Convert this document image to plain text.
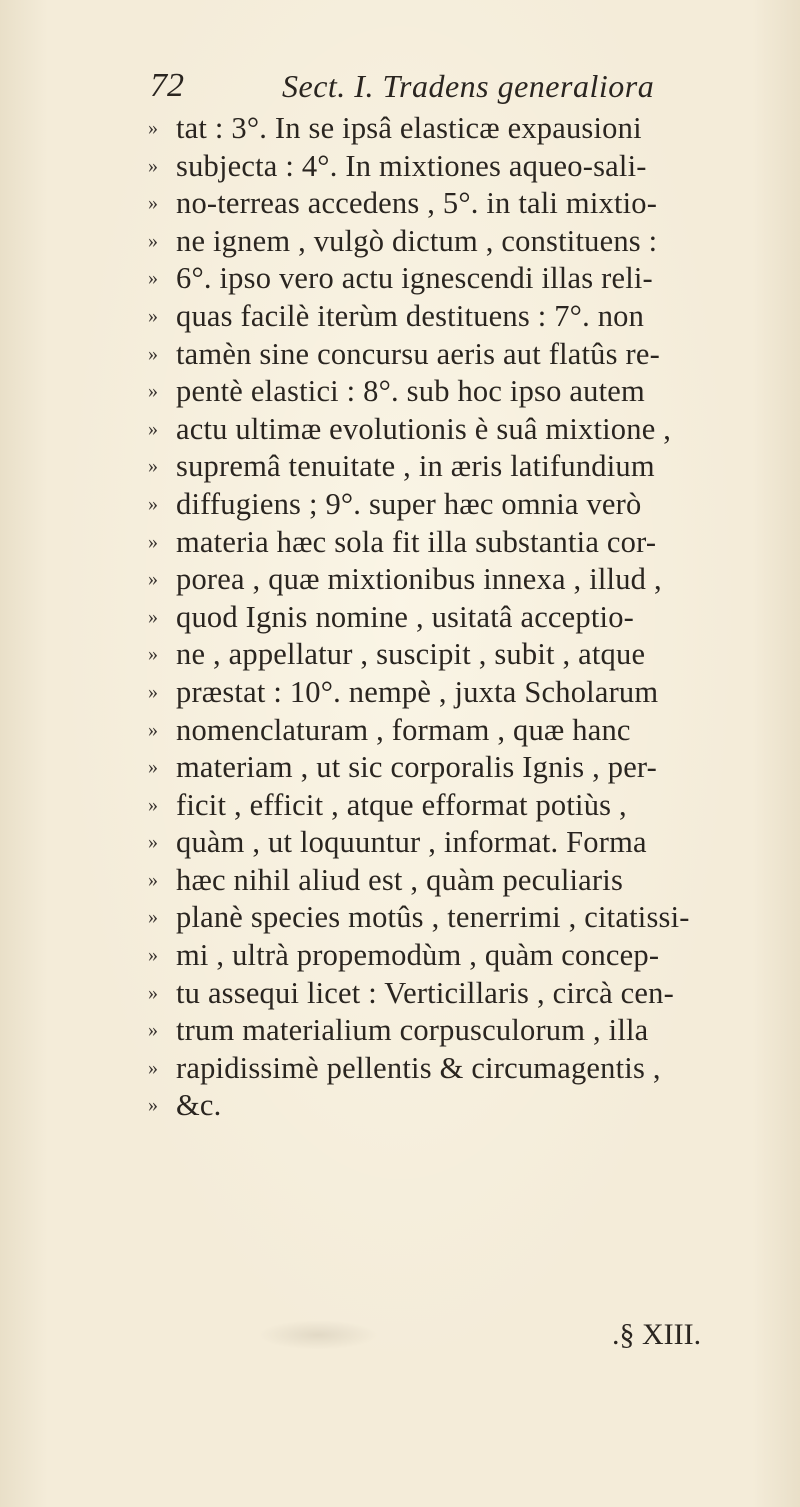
72	Sect. I. Tradens generaliora
» tat : 3°. In se ipsâ elasticæ expausioni
» subjecta : 4°. In mixtiones aqueo-sali-
» no-terreas accedens , 5°. in tali mixtio-
» ne ignem , vulgò dictum , constituens :
» 6°. ipso vero actu ignescendi illas reli-
» quas facilè iterùm destituens : 7°. non
» tamèn sine concursu aeris aut flatûs re-
» pentè elastici : 8°. sub hoc ipso autem
» actu ultimæ evolutionis è suâ mixtione ,
» supremâ tenuitate , in æris latifundium
» diffugiens ; 9°. super hæc omnia verò
» materia hæc sola fit illa substantia cor-
» porea , quæ mixtionibus innexa , illud ,
» quod Ignis nomine , usitatâ acceptio-
» ne , appellatur , suscipit , subit , atque
» præstat : 10°. nempè , juxta Scholarum
» nomenclaturam , formam , quæ hanc
» materiam , ut sic corporalis Ignis , per-
» ficit , efficit , atque efformat potiùs ,
» quàm , ut loquuntur , informat. Forma
» hæc nihil aliud est , quàm peculiaris
» planè species motûs , tenerrimi , citatissi-
» mi , ultrà propemodùm , quàm concep-
» tu assequi licet : Verticillaris , circà cen-
» trum materialium corpusculorum , illa
» rapidissimè pellentis & circumagentis ,
» &c.
.§ XIII.
